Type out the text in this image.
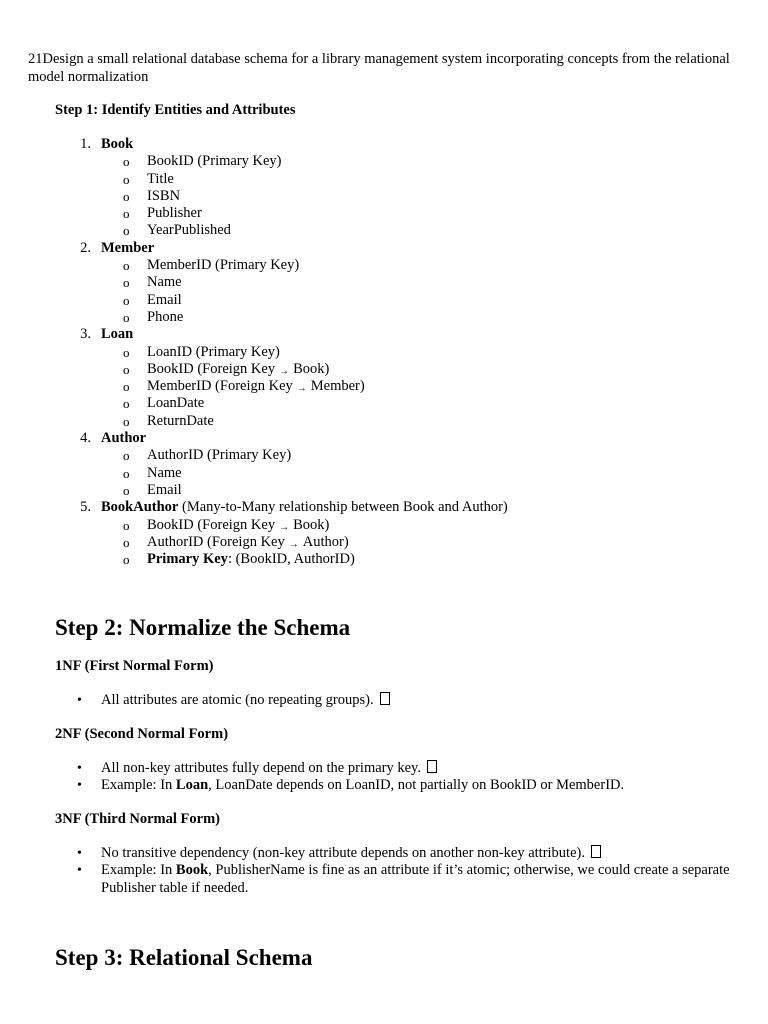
21Design a small relational database schema for a library management system incorporating concepts from the relational model normalization
Step 1: Identify Entities and Attributes
1. Book
o BookID (Primary Key)
o Title
o ISBN
o Publisher
o YearPublished
2. Member
o MemberID (Primary Key)
o Name
o Email
o Phone
3. Loan
o LoanID (Primary Key)
o BookID (Foreign Key → Book)
o MemberID (Foreign Key → Member)
o LoanDate
o ReturnDate
4. Author
o AuthorID (Primary Key)
o Name
o Email
5. BookAuthor (Many-to-Many relationship between Book and Author)
o BookID (Foreign Key → Book)
o AuthorID (Foreign Key → Author)
o Primary Key: (BookID, AuthorID)
Step 2: Normalize the Schema
1NF (First Normal Form)
• All attributes are atomic (no repeating groups).
2NF (Second Normal Form)
• All non-key attributes fully depend on the primary key.
• Example: In Loan, LoanDate depends on LoanID, not partially on BookID or MemberID.
3NF (Third Normal Form)
• No transitive dependency (non-key attribute depends on another non-key attribute).
• Example: In Book, PublisherName is fine as an attribute if it’s atomic; otherwise, we could create a separate Publisher table if needed.
Step 3: Relational Schema
